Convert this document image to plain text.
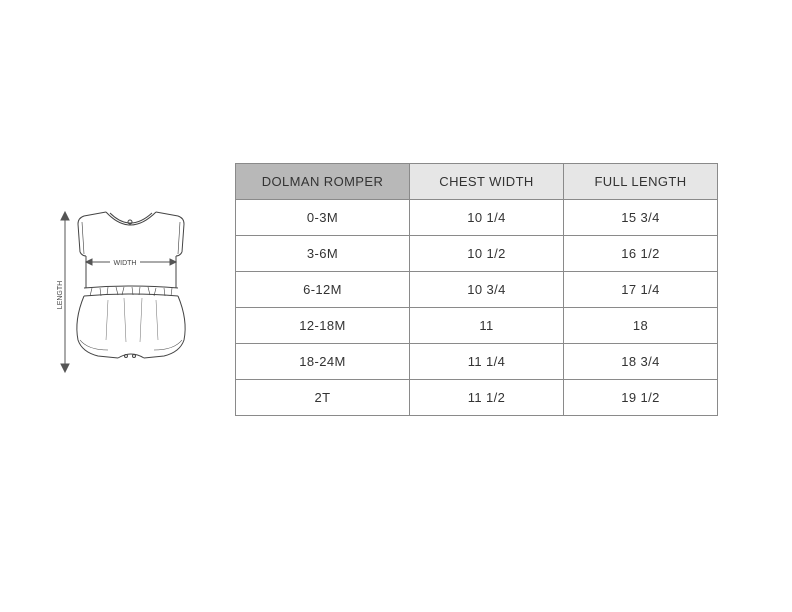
WIDTH
LENGTH
DOLMAN ROMPER	CHEST WIDTH	FULL LENGTH
0-3M	10 1/4	15 3/4
3-6M	10 1/2	16 1/2
6-12M	10 3/4	17 1/4
12-18M	11	18
18-24M	11 1/4	18 3/4
2T	11 1/2	19 1/2
